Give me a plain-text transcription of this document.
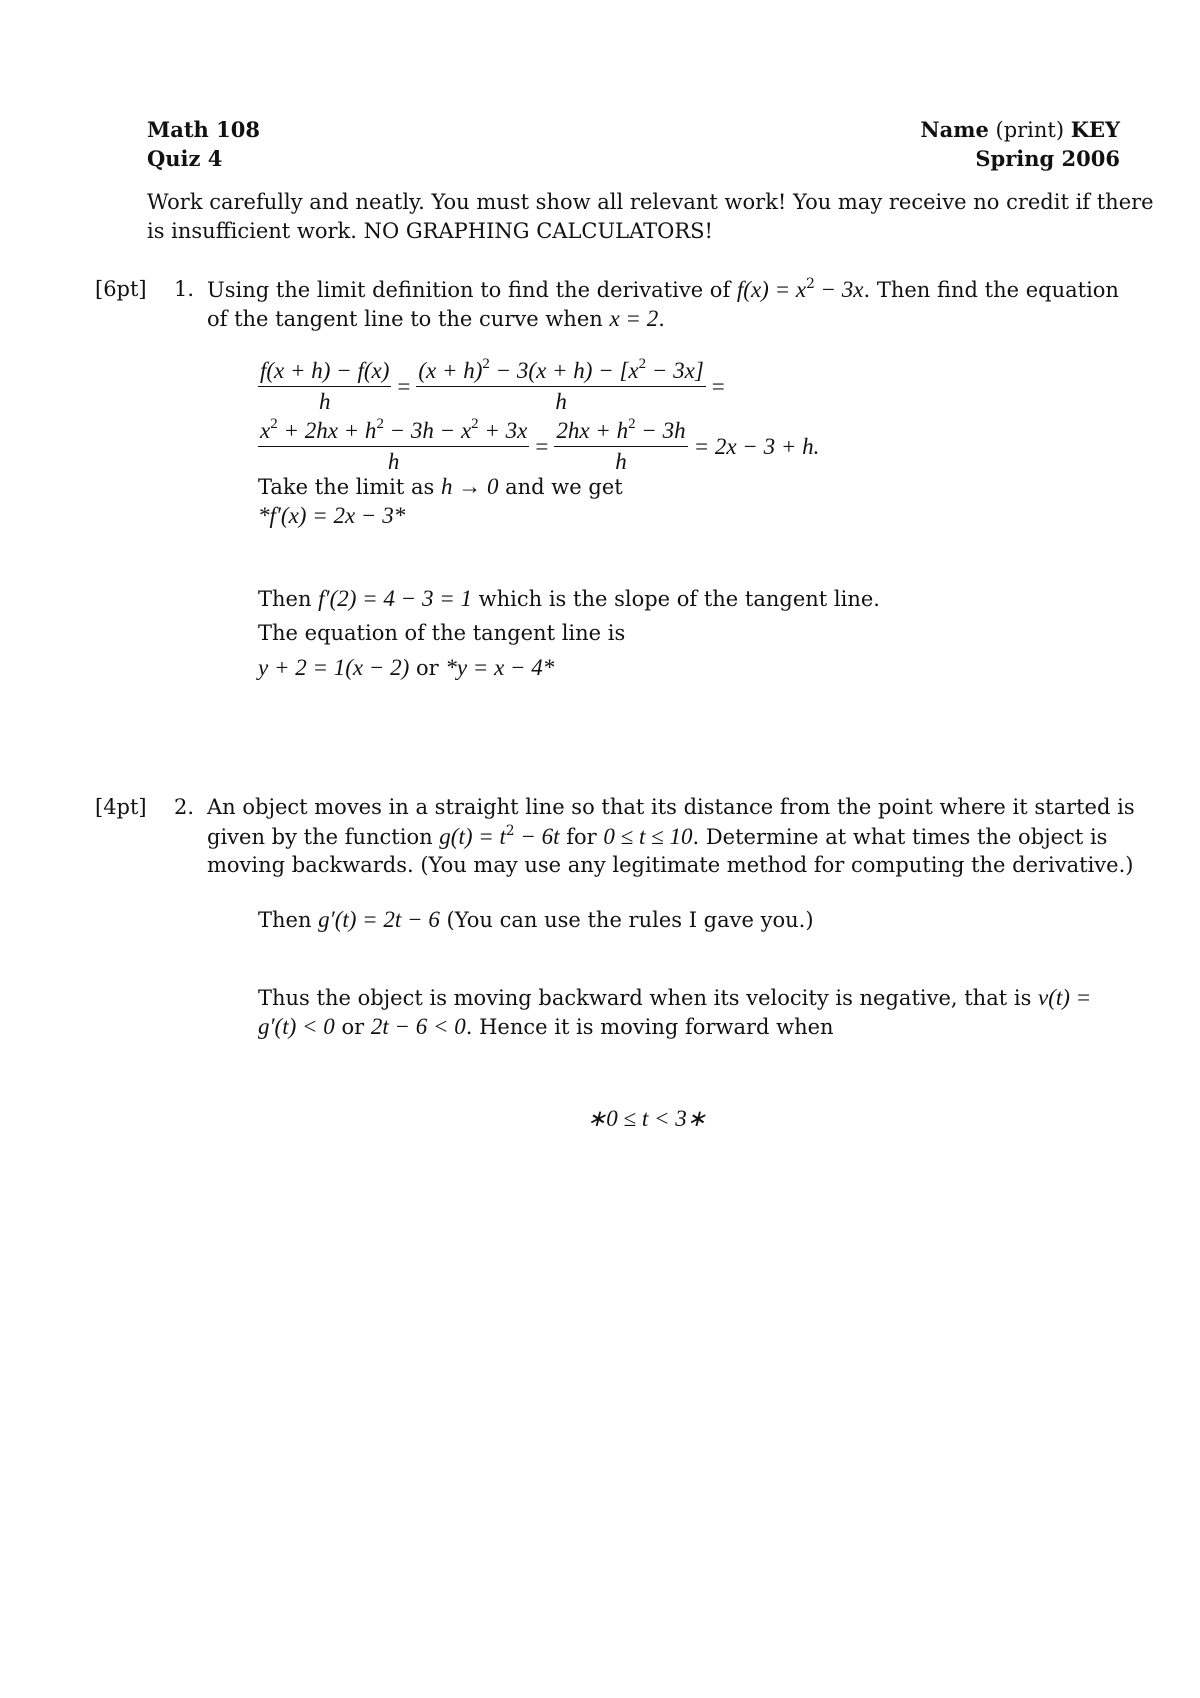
Math 108
Quiz 4
Name (print) KEY
Spring 2006
Work carefully and neatly. You must show all relevant work! You may receive no credit if there
is insufficient work. NO GRAPHING CALCULATORS!
[6pt] 1. Using the limit definition to find the derivative of $f(x) = x^2 - 3x$. Then find the equation
of the tangent line to the curve when x = 2.
$\frac{f(x + h) - f(x)}{h} = \frac{(x + h)^2 - 3(x + h) - [x^2 - 3x]}{h}$ =
$\frac{x^2 + 2hx + h^2 - 3h - x^2 + 3x}{h} = \frac{2hx + h^2 - 3h}{h} = 2x - 3 + h$.
Take the limit as h → 0 and we get
*f′(x) = 2x − 3*
Then f′(2) = 4 − 3 = 1 which is the slope of the tangent line.
The equation of the tangent line is
y + 2 = 1(x − 2) or *y = x − 4*
[4pt] 2. An object moves in a straight line so that its distance from the point where it started is
given by the function $g(t) = t^2 - 6t$ for 0 ≤ t ≤ 10. Determine at what times the object is
moving backwards. (You may use any legitimate method for computing the derivative.)
Then g′(t) = 2t − 6 (You can use the rules I gave you.)
Thus the object is moving backward when its velocity is negative, that is v(t) =
g′(t) < 0 or 2t − 6 < 0. Hence it is moving forward when
∗0 ≤ t < 3∗
